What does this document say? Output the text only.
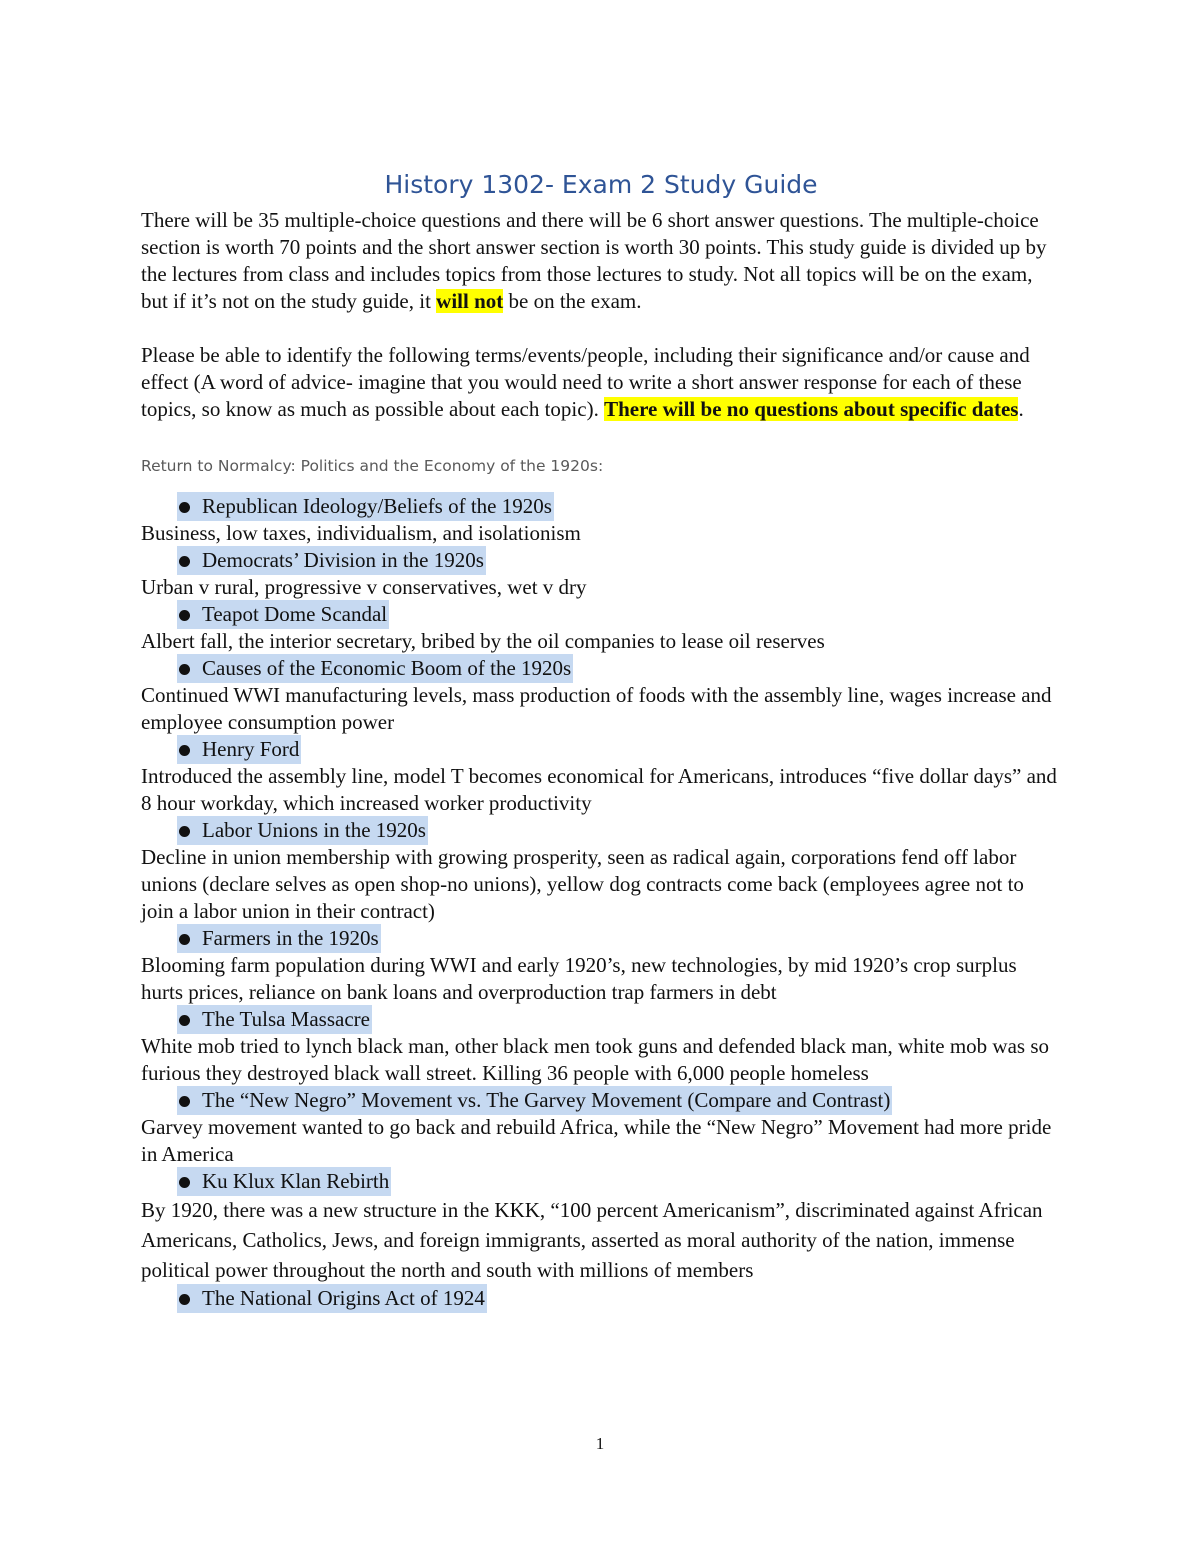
History 1302- Exam 2 Study Guide

There will be 35 multiple-choice questions and there will be 6 short answer questions. The multiple-choice section is worth 70 points and the short answer section is worth 30 points. This study guide is divided up by the lectures from class and includes topics from those lectures to study. Not all topics will be on the exam, but if it’s not on the study guide, it will not be on the exam.

Please be able to identify the following terms/events/people, including their significance and/or cause and effect (A word of advice- imagine that you would need to write a short answer response for each of these topics, so know as much as possible about each topic). There will be no questions about specific dates.

Return to Normalcy: Politics and the Economy of the 1920s:
Republican Ideology/Beliefs of the 1920s

Business, low taxes, individualism, and isolationism

Democrats’ Division in the 1920s

Urban v rural, progressive v conservatives, wet v dry

Teapot Dome Scandal

Albert fall, the interior secretary, bribed by the oil companies to lease oil reserves

Causes of the Economic Boom of the 1920s

Continued WWI manufacturing levels, mass production of foods with the assembly line, wages increase and employee consumption power

Henry Ford

Introduced the assembly line, model T becomes economical for Americans, introduces “five dollar days” and 8 hour workday, which increased worker productivity

Labor Unions in the 1920s

Decline in union membership with growing prosperity, seen as radical again, corporations fend off labor unions (declare selves as open shop-no unions), yellow dog contracts come back (employees agree not to join a labor union in their contract)

Farmers in the 1920s

Blooming farm population during WWI and early 1920’s, new technologies, by mid 1920’s crop surplus hurts prices, reliance on bank loans and overproduction trap farmers in debt

The Tulsa Massacre

White mob tried to lynch black man, other black men took guns and defended black man, white mob was so furious they destroyed black wall street. Killing 36 people with 6,000 people homeless

The “New Negro” Movement vs. The Garvey Movement (Compare and Contrast)

Garvey movement wanted to go back and rebuild Africa, while the “New Negro” Movement had more pride in America

Ku Klux Klan Rebirth

By 1920, there was a new structure in the KKK, “100 percent Americanism”, discriminated against African Americans, Catholics, Jews, and foreign immigrants, asserted as moral authority of the nation, immense political power throughout the north and south with millions of members

The National Origins Act of 1924
1
